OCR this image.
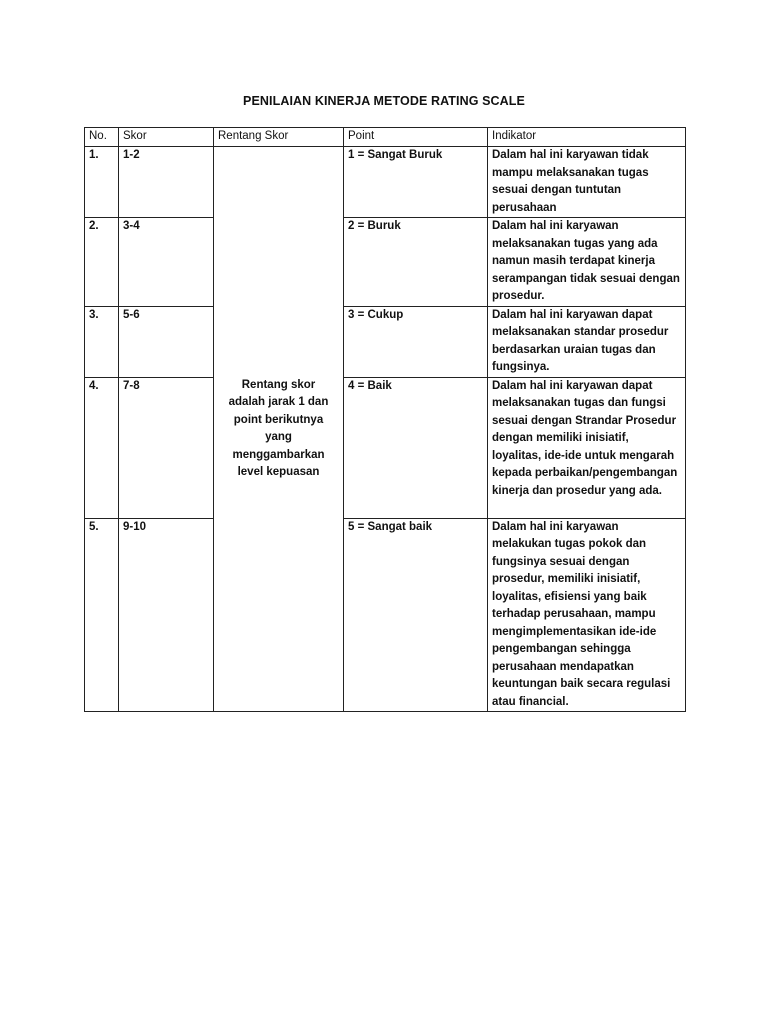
PENILAIAN KINERJA METODE RATING SCALE
No.	Skor	Rentang Skor	Point	Indikator
1.	1-2	Rentang skor adalah jarak 1 dan point berikutnya yang menggambarkan level kepuasan	1 = Sangat Buruk	Dalam hal ini karyawan tidak mampu melaksanakan tugas sesuai dengan tuntutan perusahaan
2.	3-4		2 = Buruk	Dalam hal ini karyawan melaksanakan tugas yang ada namun masih terdapat kinerja serampangan tidak sesuai dengan prosedur.
3.	5-6		3 = Cukup	Dalam hal ini karyawan dapat melaksanakan standar prosedur berdasarkan uraian tugas dan fungsinya.
4.	7-8		4 = Baik	Dalam hal ini karyawan dapat melaksanakan tugas dan fungsi sesuai dengan Strandar Prosedur dengan memiliki inisiatif, loyalitas, ide-ide untuk mengarah kepada perbaikan/pengembangan kinerja dan prosedur yang ada.
5.	9-10		5 = Sangat baik	Dalam hal ini karyawan melakukan tugas pokok dan fungsinya sesuai dengan prosedur, memiliki inisiatif, loyalitas, efisiensi yang baik terhadap perusahaan, mampu mengimplementasikan ide-ide pengembangan sehingga perusahaan mendapatkan keuntungan baik secara regulasi atau financial.
